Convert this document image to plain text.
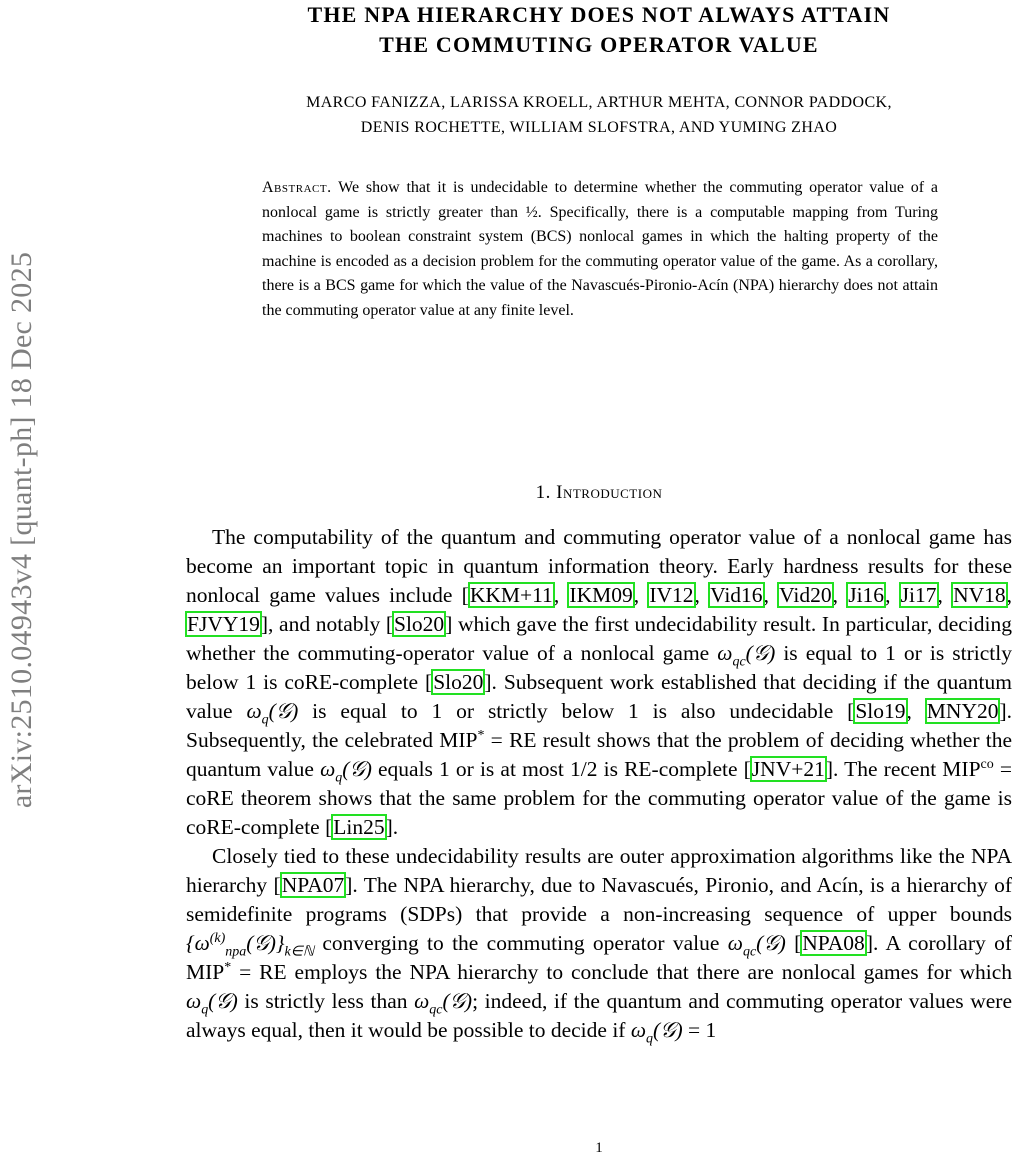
arXiv:2510.04943v4 [quant-ph] 18 Dec 2025
THE NPA HIERARCHY DOES NOT ALWAYS ATTAIN
THE COMMUTING OPERATOR VALUE
MARCO FANIZZA, LARISSA KROELL, ARTHUR MEHTA, CONNOR PADDOCK,
DENIS ROCHETTE, WILLIAM SLOFSTRA, AND YUMING ZHAO
Abstract. We show that it is undecidable to determine whether the commuting operator value of a nonlocal game is strictly greater than ½. Specifically, there is a computable mapping from Turing machines to boolean constraint system (BCS) nonlocal games in which the halting property of the machine is encoded as a decision problem for the commuting operator value of the game. As a corollary, there is a BCS game for which the value of the Navascués-Pironio-Acín (NPA) hierarchy does not attain the commuting operator value at any finite level.
1. Introduction

The computability of the quantum and commuting operator value of a nonlocal game has become an important topic in quantum information theory. Early hardness results for these nonlocal game values include [KKM+11, IKM09, IV12, Vid16, Vid20, Ji16, Ji17, NV18, FJVY19], and notably [Slo20] which gave the first undecidability result. In particular, deciding whether the commuting-operator value of a nonlocal game $\omega_{qc}(𝒢)$ is equal to 1 or is strictly below 1 is coRE-complete [Slo20]. Subsequent work established that deciding if the quantum value $\omega_q(𝒢)$ is equal to 1 or strictly below 1 is also undecidable [Slo19, MNY20]. Subsequently, the celebrated MIP* = RE result shows that the problem of deciding whether the quantum value $\omega_q(𝒢)$ equals 1 or is at most 1/2 is RE-complete [JNV+21]. The recent $MIP^{co}$ = coRE theorem shows that the same problem for the commuting operator value of the game is coRE-complete [Lin25].

Closely tied to these undecidability results are outer approximation algorithms like the NPA hierarchy [NPA07]. The NPA hierarchy, due to Navascués, Pironio, and Acín, is a hierarchy of semidefinite programs (SDPs) that provide a non-increasing sequence of upper bounds $\{\omega^{(k)}_{npa}(𝒢)\}_{k\in ℕ}$ converging to the commuting operator value $\omega_{qc}(𝒢)$ [NPA08]. A corollary of MIP* = RE employs the NPA hierarchy to conclude that there are nonlocal games for which $\omega_q(𝒢)$ is strictly less than $\omega_{qc}(𝒢)$; indeed, if the quantum and commuting operator values were always equal, then it would be possible to decide if $\omega_q(𝒢) = 1$

1
